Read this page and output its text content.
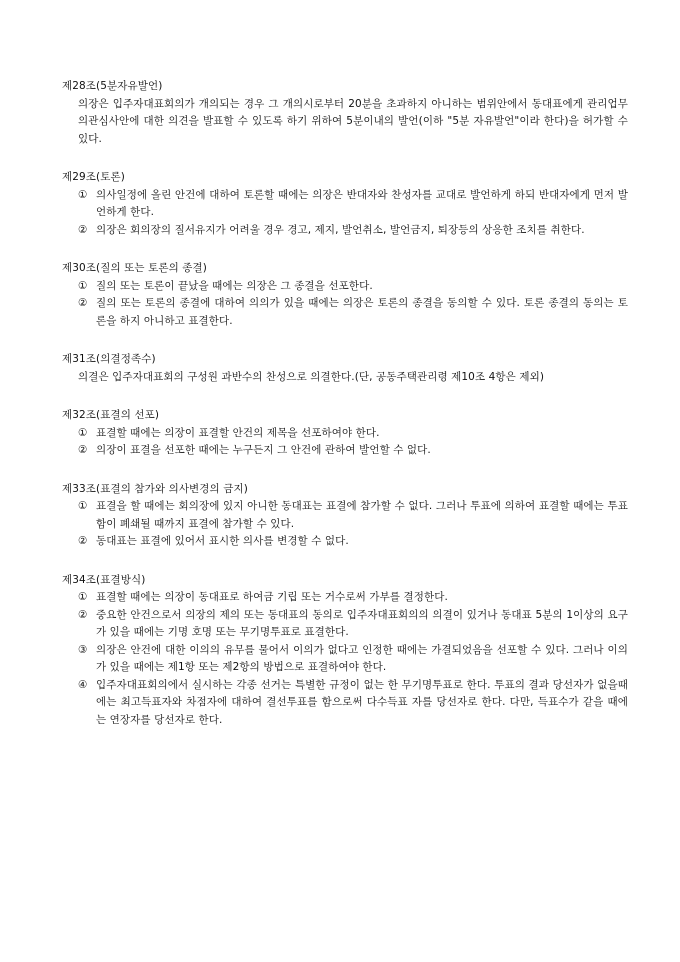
제28조(5분자유발언)
의장은 입주자대표회의가 개의되는 경우 그 개의시로부터 20분을 초과하지 아니하는 범위안에서 동대표에게 관리업무의관심사안에 대한 의견을 발표할 수 있도록 하기 위하여 5분이내의 발언(이하 "5분 자유발언"이라 한다)을 허가할 수 있다.
제29조(토론)
① 의사일정에 올린 안건에 대하여 토론할 때에는 의장은 반대자와 찬성자를 교대로 발언하게 하되 반대자에게 먼저 발언하게 한다.
② 의장은 회의장의 질서유지가 어려울 경우 경고, 제지, 발언취소, 발언금지, 퇴장등의 상응한 조치를 취한다.
제30조(질의 또는 토론의 종결)
① 질의 또는 토론이 끝났을 때에는 의장은 그 종결을 선포한다.
② 질의 또는 토론의 종결에 대하여 의의가 있을 때에는 의장은 토론의 종결을 동의할 수 있다. 토론 종결의 동의는 토론을 하지 아니하고 표결한다.
제31조(의결정족수)
의결은 입주자대표회의 구성원 과반수의 찬성으로 의결한다.(단, 공동주택관리령 제10조 4항은 제외)
제32조(표결의 선포)
① 표결할 때에는 의장이 표결할 안건의 제목을 선포하여야 한다.
② 의장이 표결을 선포한 때에는 누구든지 그 안건에 관하여 발언할 수 없다.
제33조(표결의 참가와 의사변경의 금지)
① 표결을 할 때에는 회의장에 있지 아니한 동대표는 표결에 참가할 수 없다. 그러나 투표에 의하여 표결할 때에는 투표함이 폐쇄될 때까지 표결에 참가할 수 있다.
② 동대표는 표결에 있어서 표시한 의사를 변경할 수 없다.
제34조(표결방식)
① 표결할 때에는 의장이 동대표로 하여금 기립 또는 거수로써 가부를 결정한다.
② 중요한 안건으로서 의장의 제의 또는 동대표의 동의로 입주자대표회의의 의결이 있거나 동대표 5분의 1이상의 요구가 있을 때에는 기명 호명 또는 무기명투표로 표결한다.
③ 의장은 안건에 대한 이의의 유무를 물어서 이의가 없다고 인정한 때에는 가결되었음을 선포할 수 있다. 그러나 이의가 있을 때에는 제1항 또는 제2항의 방법으로 표결하여야 한다.
④ 입주자대표회의에서 실시하는 각종 선거는 특별한 규정이 없는 한 무기명투표로 한다. 투표의 결과 당선자가 없을때에는 최고득표자와 차점자에 대하여 결선투표를 함으로써 다수득표 자를 당선자로 한다. 다만, 득표수가 같을 때에는 연장자를 당선자로 한다.
